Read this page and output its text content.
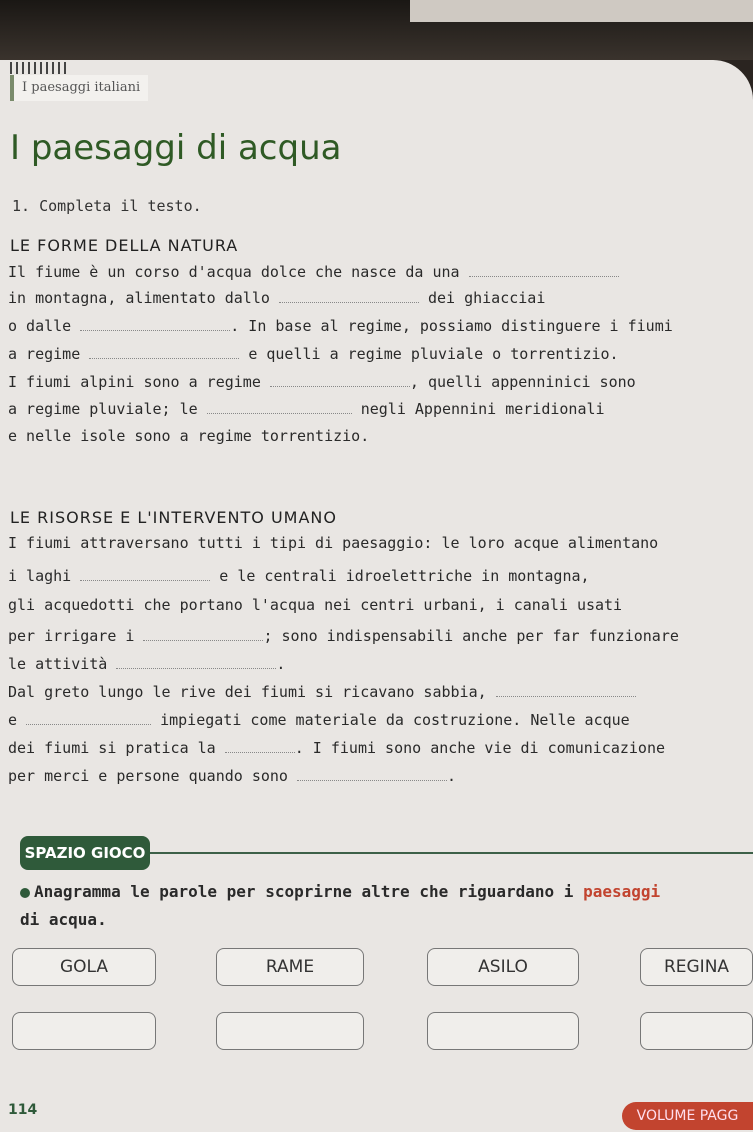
I paesaggi italiani
I paesaggi di acqua
1. Completa il testo.
LE FORME DELLA NATURA
Il fiume è un corso d'acqua dolce che nasce da una
in montagna, alimentato dallo	dei ghiacciai
o dalle	. In base al regime, possiamo distinguere i fiumi
a regime	e quelli a regime pluviale o torrentizio.
I fiumi alpini sono a regime	, quelli appenninici sono
a regime pluviale; le	negli Appennini meridionali
e nelle isole sono a regime torrentizio.
LE RISORSE E L'INTERVENTO UMANO
I fiumi attraversano tutti i tipi di paesaggio: le loro acque alimentano
i laghi	e le centrali idroelettriche in montagna,
gli acquedotti che portano l'acqua nei centri urbani, i canali usati
per irrigare i	; sono indispensabili anche per far funzionare
le attività	.
Dal greto lungo le rive dei fiumi si ricavano sabbia,
e	impiegati come materiale da costruzione. Nelle acque
dei fiumi si pratica la	. I fiumi sono anche vie di comunicazione
per merci e persone quando sono	.
SPAZIO GIOCO
Anagramma le parole per scoprirne altre che riguardano i paesaggi
di acqua.
GOLA	RAME	ASILO	REGINA
114	VOLUME PAGG
